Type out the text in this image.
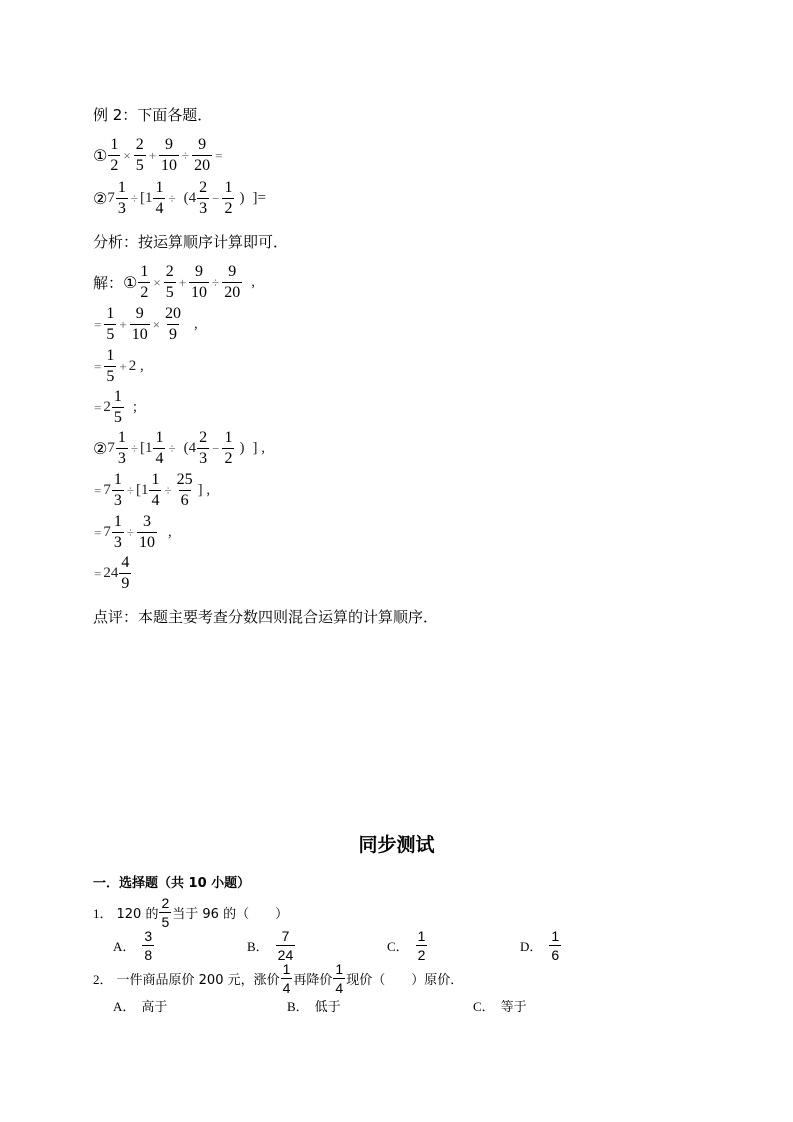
例 2：下面各题．
① $\frac{1}{2} \times \frac{2}{5} + \frac{9}{10} \div \frac{9}{20}$ =
② $7 \frac{1}{3} \div [1 \frac{1}{4} \div (4 \frac{2}{3} - \frac{1}{2}$ ) ]=
分析：按运算顺序计算即可．
解： ① $\frac{1}{2} \times \frac{2}{5} + \frac{9}{10} \div \frac{9}{20}$ ,
= $\frac{1}{5} + \frac{9}{10} \times \frac{20}{9}$ ,
= $\frac{1}{5} + 2$ ,
= $2 \frac{1}{5}$ ;
② $7 \frac{1}{3} \div [1 \frac{1}{4} \div (4 \frac{2}{3} - \frac{1}{2}$ ) ] ,
= $7 \frac{1}{3} \div [1 \frac{1}{4} \div \frac{25}{6}$ ] ,
= $7 \frac{1}{3} \div \frac{3}{10}$ ,
= $24 \frac{4}{9}$
点评：本题主要考查分数四则混合运算的计算顺序．
同步测试
一．选择题（共 10 小题）
1． 120 的 $\frac{2}{5}$ 当于 96 的（　　）
A． $\frac{3}{8}$	B． $\frac{7}{24}$	C． $\frac{1}{2}$	D． $\frac{1}{6}$
2． 一件商品原价 200 元，涨价 $\frac{1}{4}$ 再降价 $\frac{1}{4}$ 现价（　　）原价．
A． 高于	B． 低于	C． 等于
